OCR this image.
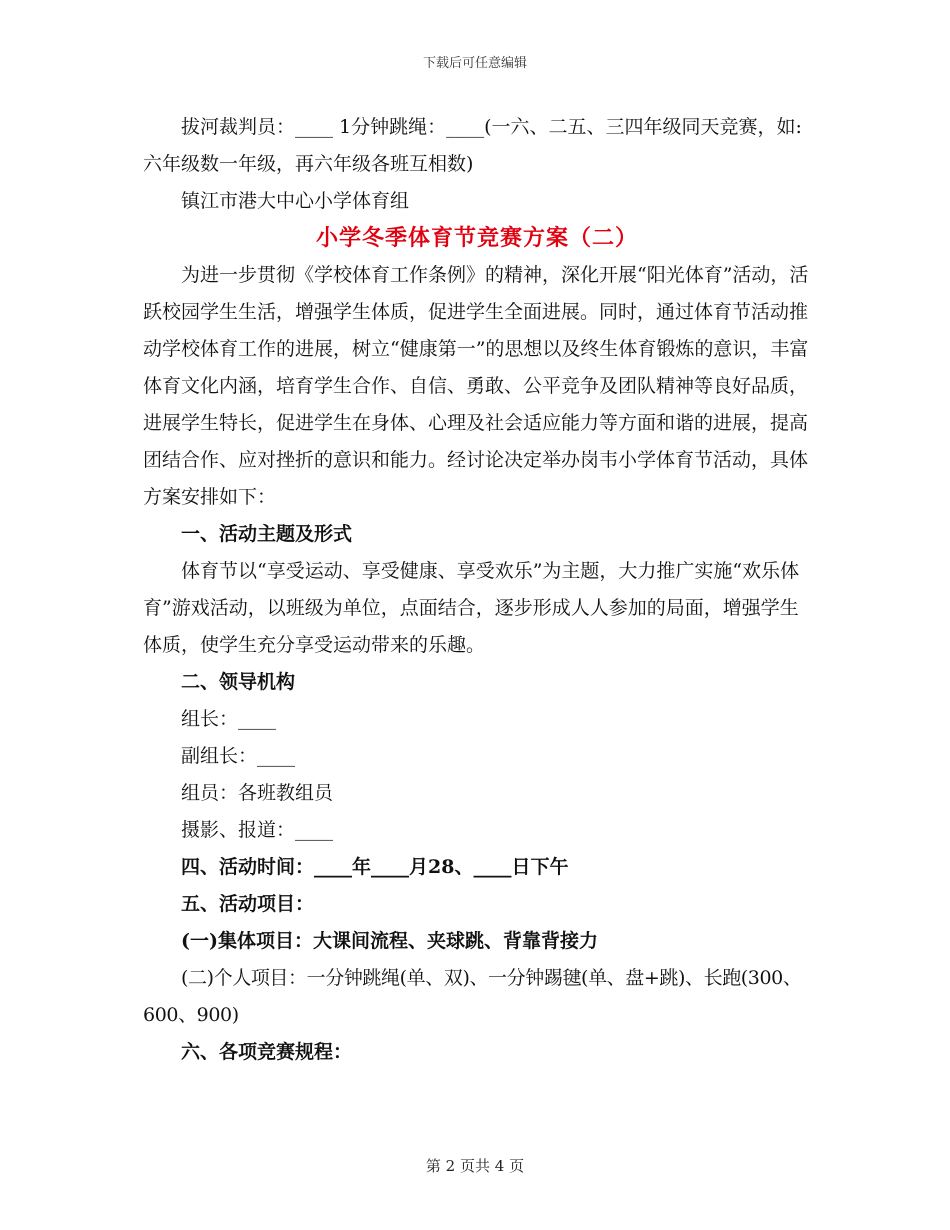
下载后可任意编辑

拔河裁判员：____ 1分钟跳绳：____(一六、二五、三四年级同天竞赛，如:六年级数一年级，再六年级各班互相数)

镇江市港大中心小学体育组

小学冬季体育节竞赛方案（二）

为进一步贯彻《学校体育工作条例》的精神，深化开展“阳光体育”活动，活跃校园学生生活，增强学生体质，促进学生全面进展。同时，通过体育节活动推动学校体育工作的进展，树立“健康第一”的思想以及终生体育锻炼的意识，丰富体育文化内涵，培育学生合作、自信、勇敢、公平竞争及团队精神等良好品质，进展学生特长，促进学生在身体、心理及社会适应能力等方面和谐的进展，提高团结合作、应对挫折的意识和能力。经讨论决定举办岗韦小学体育节活动，具体方案安排如下：

一、活动主题及形式

体育节以“享受运动、享受健康、享受欢乐”为主题，大力推广实施“欢乐体育”游戏活动，以班级为单位，点面结合，逐步形成人人参加的局面，增强学生体质，使学生充分享受运动带来的乐趣。

二、领导机构

组长：____

副组长：____

组员：各班教组员

摄影、报道：____

四、活动时间：____年____月28、____日下午

五、活动项目：

(一)集体项目：大课间流程、夹球跳、背靠背接力

(二)个人项目：一分钟跳绳(单、双)、一分钟踢毽(单、盘+跳)、长跑(300、600、900)

六、各项竞赛规程：

第 2 页共 4 页
